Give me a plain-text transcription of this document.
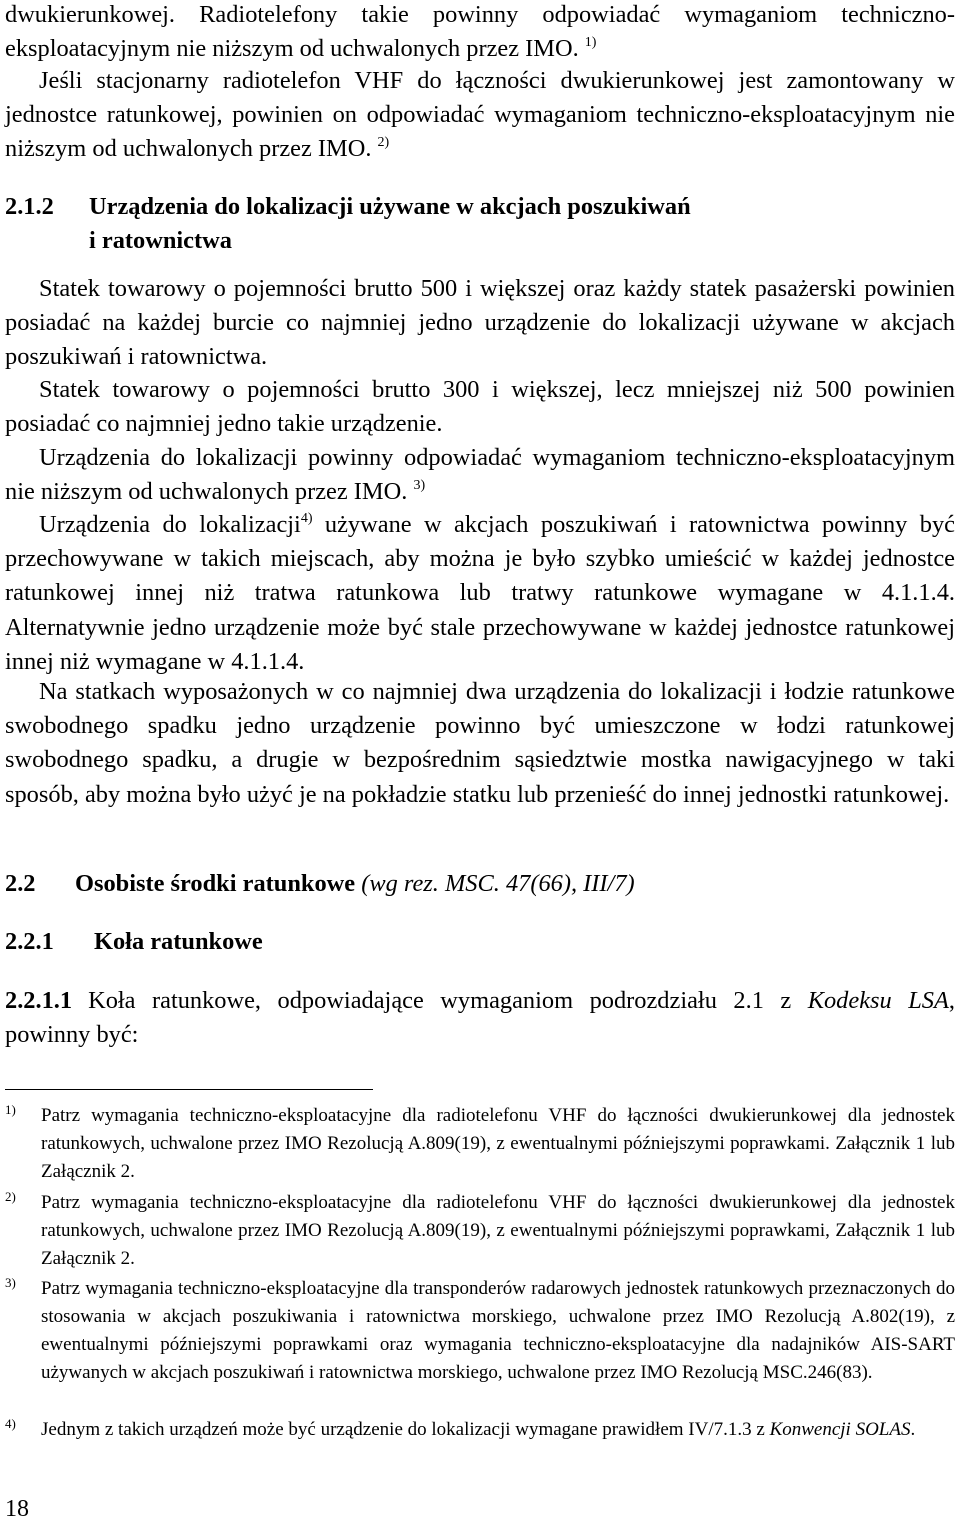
dwukierunkowej. Radiotelefony takie powinny odpowiadać wymaganiom techniczno-eksploatacyjnym nie niższym od uchwalonych przez IMO. $^{1)}$

Jeśli stacjonarny radiotelefon VHF do łączności dwukierunkowej jest zamontowany w jednostce ratunkowej, powinien on odpowiadać wymaganiom techniczno-eksploatacyjnym nie niższym od uchwalonych przez IMO. $^{2)}$

2.1.2 Urządzenia do lokalizacji używane w akcjach poszukiwań
i ratownictwa

Statek towarowy o pojemności brutto 500 i większej oraz każdy statek pasażerski powinien posiadać na każdej burcie co najmniej jedno urządzenie do lokalizacji używane w akcjach poszukiwań i ratownictwa.

Statek towarowy o pojemności brutto 300 i większej, lecz mniejszej niż 500 powinien posiadać co najmniej jedno takie urządzenie.

Urządzenia do lokalizacji powinny odpowiadać wymaganiom techniczno-eksploatacyjnym nie niższym od uchwalonych przez IMO. $^{3)}$

Urządzenia do lokalizacji$^{4)}$ używane w akcjach poszukiwań i ratownictwa powinny być przechowywane w takich miejscach, aby można je było szybko umieścić w każdej jednostce ratunkowej innej niż tratwa ratunkowa lub tratwy ratunkowe wymagane w 4.1.1.4. Alternatywnie jedno urządzenie może być stale przechowywane w każdej jednostce ratunkowej innej niż wymagane w 4.1.1.4.

Na statkach wyposażonych w co najmniej dwa urządzenia do lokalizacji i łodzie ratunkowe swobodnego spadku jedno urządzenie powinno być umieszczone w łodzi ratunkowej swobodnego spadku, a drugie w bezpośrednim sąsiedztwie mostka nawigacyjnego w taki sposób, aby można było użyć je na pokładzie statku lub przenieść do innej jednostki ratunkowej.

2.2 Osobiste środki ratunkowe (wg rez. MSC. 47(66), III/7)
2.2.1 Koła ratunkowe

2.2.1.1 Koła ratunkowe, odpowiadające wymaganiom podrozdziału 2.1 z Kodeksu LSA, powinny być:

1) Patrz wymagania techniczno-eksploatacyjne dla radiotelefonu VHF do łączności dwukierunkowej dla jednostek ratunkowych, uchwalone przez IMO Rezolucją A.809(19), z ewentualnymi późniejszymi poprawkami. Załącznik 1 lub Załącznik 2.

2) Patrz wymagania techniczno-eksploatacyjne dla radiotelefonu VHF do łączności dwukierunkowej dla jednostek ratunkowych, uchwalone przez IMO Rezolucją A.809(19), z ewentualnymi późniejszymi poprawkami, Załącznik 1 lub Załącznik 2.

3) Patrz wymagania techniczno-eksploatacyjne dla transponderów radarowych jednostek ratunkowych przeznaczonych do stosowania w akcjach poszukiwania i ratownictwa morskiego, uchwalone przez IMO Rezolucją A.802(19), z ewentualnymi późniejszymi poprawkami oraz wymagania techniczno-eksploatacyjne dla nadajników AIS-SART używanych w akcjach poszukiwań i ratownictwa morskiego, uchwalone przez IMO Rezolucją MSC.246(83).

4) Jednym z takich urządzeń może być urządzenie do lokalizacji wymagane prawidłem IV/7.1.3 z Konwencji SOLAS.

18
